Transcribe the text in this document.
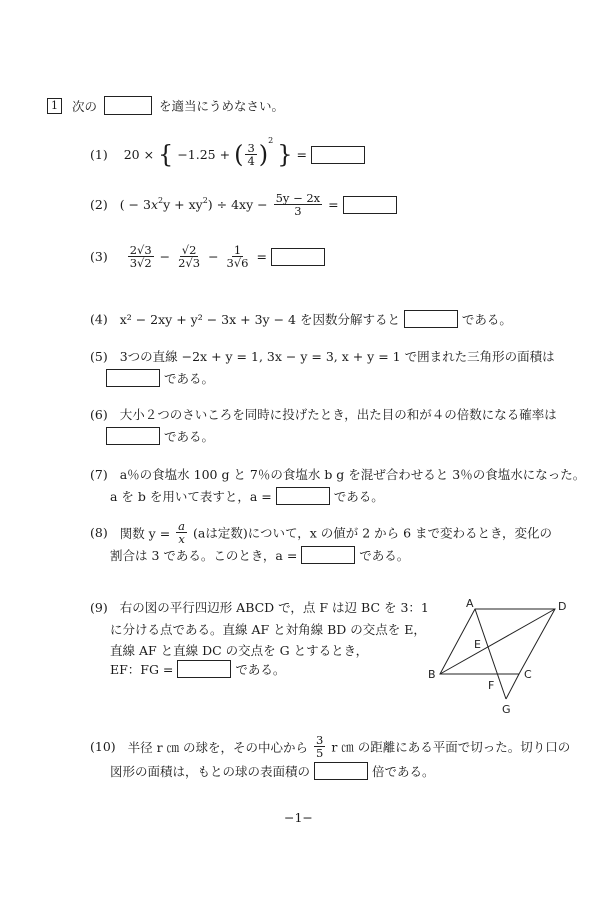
1 次の	を適当にうめなさい。
(1) 20 × { −1.25 + ( $\frac{3}{4} )^2$ } =
(2) ( − $3x^2y + xy^2) \div 4xy - \frac{5y - 2x}{3}$ =
$(3) \frac{2√3}{3√2} - \frac{√2}{2√3} - \frac{1}{3√6}$ =
(4) x² − 2xy + y² − 3x + 3y − 4 を因数分解すると	である。
(5) 3つの直線 −2x + y = 1, 3x − y = 3, x + y = 1 で囲まれた三角形の面積は
である。
(6) 大小２つのさいころを同時に投げたとき，出た目の和が４の倍数になる確率は
である。
(7) a％の食塩水 100 g と 7％の食塩水 b g を混ぜ合わせると 3％の食塩水になった。
a を b を用いて表すと，a =	である。
(8) 関数 $y = \frac{a}{x} (a$は定数)について，x の値が 2 から 6 まで変わるとき，変化の
割合は 3 である。このとき，a =	である。
(9) 右の図の平行四辺形 ABCD で，点 F は辺 BC を 3：1
に分ける点である。直線 AF と対角線 BD の交点を E，
直線 AF と直線 DC の交点を G とするとき，
EF：FG =	である。
A	D
B	C
E
F
G
(10) 半径 r ㎝ の球を，その中心から $\frac{3}{5}$ r ㎝ の距離にある平面で切った。切り口の
図形の面積は，もとの球の表面積の	倍である。
−1−
